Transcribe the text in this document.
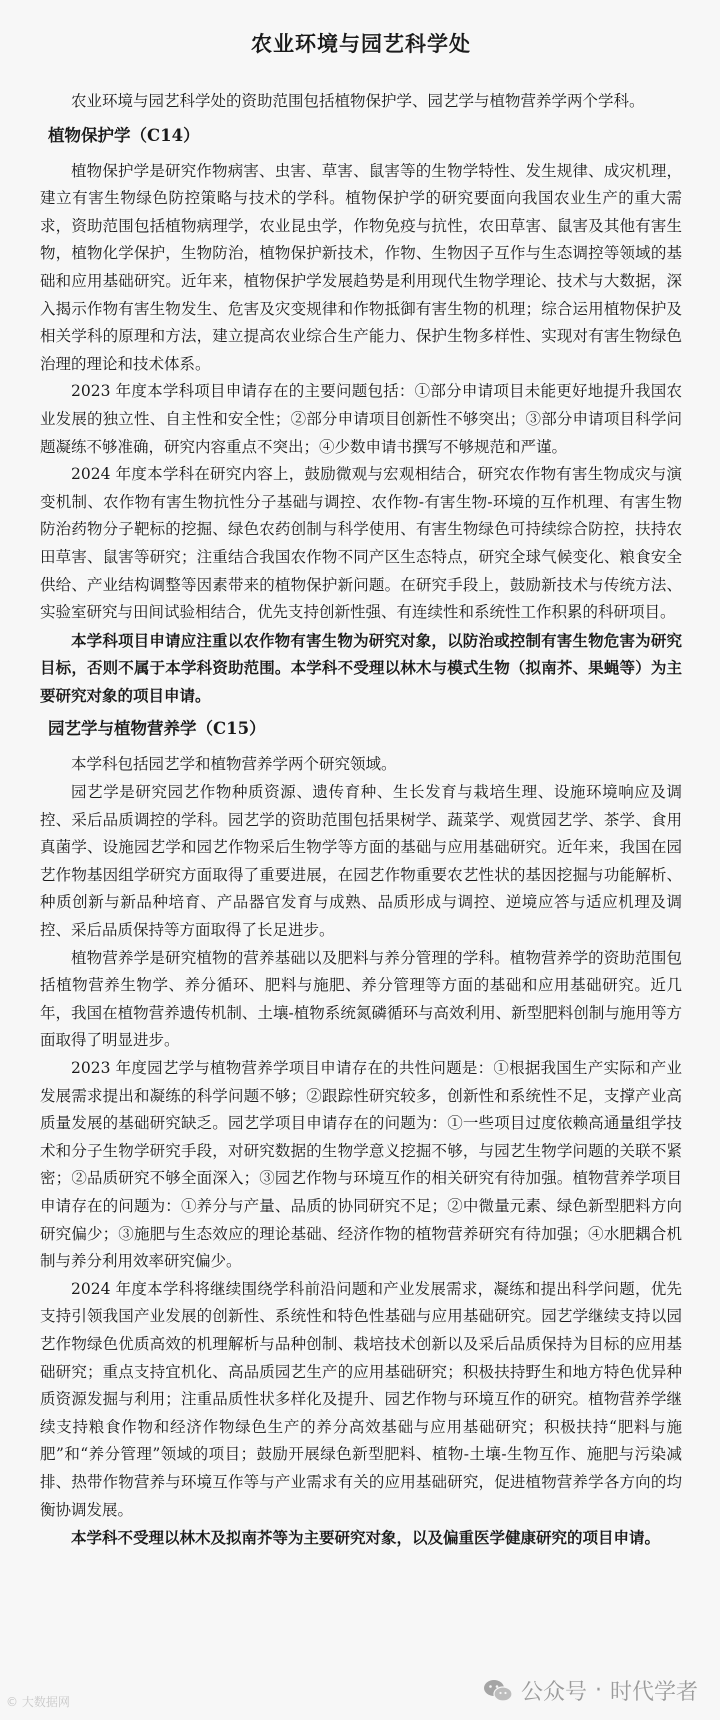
农业环境与园艺科学处

农业环境与园艺科学处的资助范围包括植物保护学、园艺学与植物营养学两个学科。

植物保护学（C14）

植物保护学是研究作物病害、虫害、草害、鼠害等的生物学特性、发生规律、成灾机理，建立有害生物绿色防控策略与技术的学科。植物保护学的研究要面向我国农业生产的重大需求，资助范围包括植物病理学，农业昆虫学，作物免疫与抗性，农田草害、鼠害及其他有害生物，植物化学保护，生物防治，植物保护新技术，作物、生物因子互作与生态调控等领域的基础和应用基础研究。近年来，植物保护学发展趋势是利用现代生物学理论、技术与大数据，深入揭示作物有害生物发生、危害及灾变规律和作物抵御有害生物的机理；综合运用植物保护及相关学科的原理和方法，建立提高农业综合生产能力、保护生物多样性、实现对有害生物绿色治理的理论和技术体系。

2023 年度本学科项目申请存在的主要问题包括：①部分申请项目未能更好地提升我国农业发展的独立性、自主性和安全性；②部分申请项目创新性不够突出；③部分申请项目科学问题凝练不够准确，研究内容重点不突出；④少数申请书撰写不够规范和严谨。

2024 年度本学科在研究内容上，鼓励微观与宏观相结合，研究农作物有害生物成灾与演变机制、农作物有害生物抗性分子基础与调控、农作物-有害生物-环境的互作机理、有害生物防治药物分子靶标的挖掘、绿色农药创制与科学使用、有害生物绿色可持续综合防控，扶持农田草害、鼠害等研究；注重结合我国农作物不同产区生态特点，研究全球气候变化、粮食安全供给、产业结构调整等因素带来的植物保护新问题。在研究手段上，鼓励新技术与传统方法、实验室研究与田间试验相结合，优先支持创新性强、有连续性和系统性工作积累的科研项目。

本学科项目申请应注重以农作物有害生物为研究对象，以防治或控制有害生物危害为研究目标，否则不属于本学科资助范围。本学科不受理以林木与模式生物（拟南芥、果蝇等）为主要研究对象的项目申请。

园艺学与植物营养学（C15）

本学科包括园艺学和植物营养学两个研究领域。

园艺学是研究园艺作物种质资源、遗传育种、生长发育与栽培生理、设施环境响应及调控、采后品质调控的学科。园艺学的资助范围包括果树学、蔬菜学、观赏园艺学、茶学、食用真菌学、设施园艺学和园艺作物采后生物学等方面的基础与应用基础研究。近年来，我国在园艺作物基因组学研究方面取得了重要进展，在园艺作物重要农艺性状的基因挖掘与功能解析、种质创新与新品种培育、产品器官发育与成熟、品质形成与调控、逆境应答与适应机理及调控、采后品质保持等方面取得了长足进步。

植物营养学是研究植物的营养基础以及肥料与养分管理的学科。植物营养学的资助范围包括植物营养生物学、养分循环、肥料与施肥、养分管理等方面的基础和应用基础研究。近几年，我国在植物营养遗传机制、土壤-植物系统氮磷循环与高效利用、新型肥料创制与施用等方面取得了明显进步。

2023 年度园艺学与植物营养学项目申请存在的共性问题是：①根据我国生产实际和产业发展需求提出和凝练的科学问题不够；②跟踪性研究较多，创新性和系统性不足，支撑产业高质量发展的基础研究缺乏。园艺学项目申请存在的问题为：①一些项目过度依赖高通量组学技术和分子生物学研究手段，对研究数据的生物学意义挖掘不够，与园艺生物学问题的关联不紧密；②品质研究不够全面深入；③园艺作物与环境互作的相关研究有待加强。植物营养学项目申请存在的问题为：①养分与产量、品质的协同研究不足；②中微量元素、绿色新型肥料方向研究偏少；③施肥与生态效应的理论基础、经济作物的植物营养研究有待加强；④水肥耦合机制与养分利用效率研究偏少。

2024 年度本学科将继续围绕学科前沿问题和产业发展需求，凝练和提出科学问题，优先支持引领我国产业发展的创新性、系统性和特色性基础与应用基础研究。园艺学继续支持以园艺作物绿色优质高效的机理解析与品种创制、栽培技术创新以及采后品质保持为目标的应用基础研究；重点支持宜机化、高品质园艺生产的应用基础研究；积极扶持野生和地方特色优异种质资源发掘与利用；注重品质性状多样化及提升、园艺作物与环境互作的研究。植物营养学继续支持粮食作物和经济作物绿色生产的养分高效基础与应用基础研究；积极扶持“肥料与施肥”和“养分管理”领域的项目；鼓励开展绿色新型肥料、植物-土壤-生物互作、施肥与污染减排、热带作物营养与环境互作等与产业需求有关的应用基础研究，促进植物营养学各方向的均衡协调发展。

本学科不受理以林木及拟南芥等为主要研究对象，以及偏重医学健康研究的项目申请。

© 大数据网	公众号 · 时代学者
